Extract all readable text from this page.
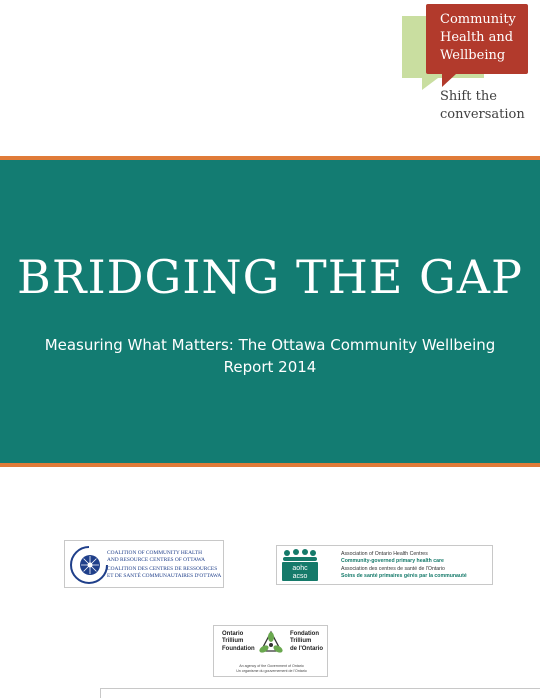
Community
Health and
Wellbeing
Shift the
conversation
BRIDGING THE GAP
Measuring What Matters: The Ottawa Community Wellbeing
Report 2014
COALITION OF COMMUNITY HEALTH
AND RESOURCE CENTRES OF OTTAWA
COALITION DES CENTRES DE RESSOURCES
ET DE SANTÉ COMMUNAUTAIRES D'OTTAWA
aohc
acso
Association of Ontario Health Centres
Community-governed primary health care
Association des centres de santé de l'Ontario
Soins de santé primaires gérés par la communauté
Ontario
Trillium
Foundation
Fondation
Trillium
de l'Ontario
An agency of the Government of Ontario
Un organisme du gouvernement de l'Ontario
